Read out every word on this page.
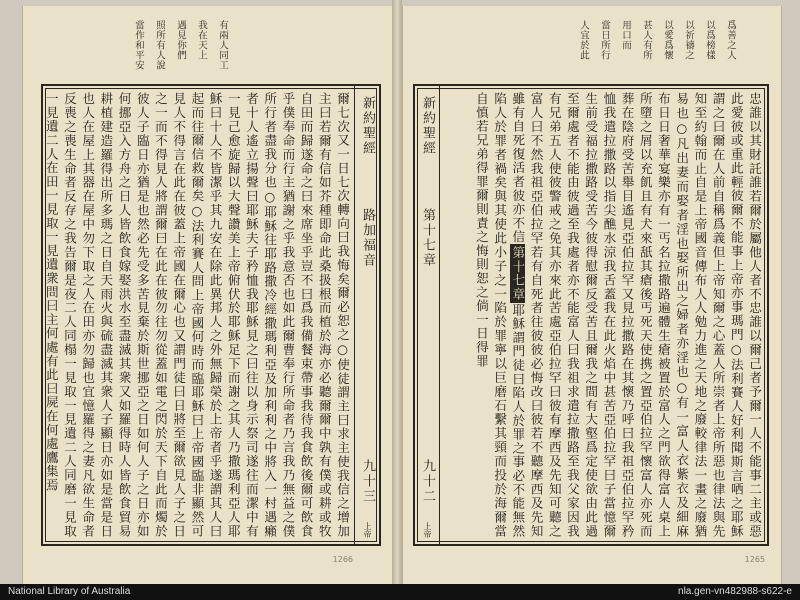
有兩人同工
我在天上
遇見你們
照所有人說
當作和平安
新約聖經
路加福音
九十三
上帝
爾七次又一日七次轉向曰我悔矣爾必恕之○使徒謂主曰求主使我信之增加主曰若爾有信如芥種即命此桑扱根而植於海亦必聽爾爾中孰有僕或耕或牧自田而歸遂命之曰來席坐乎豈不曰爲我備餐束帶事我待我食飲後爾可飲食乎僕奉命而行主猶謝之乎我意否也如此爾曹奉行所命者乃言我乃無益之僕所行者盡我分也○耶穌往耶路撒冷經撒瑪利亞及加利利之中將入一村遇癩者十人遙立揚聲曰耶穌夫子矜恤我耶穌見之曰往以身示祭司遂往而潔中有一見己愈旋歸以大聲讚美上帝俯伏於耶穌足下而謝之其人乃撒瑪利亞人耶穌曰十人不皆潔乎其九安在除此異邦人之外無歸榮於上帝者乎遂謂其人曰起而往爾信救爾矣○法利賽人問上帝國何時而臨耶穌曰上帝國臨非顯然可見人不得言在此在彼蓋上帝國在爾心也又謂門徒曰日將至爾欲見人子之日之一而不得見人將謂爾曰在此在彼勿往勿從蓋如電之閃於天下自此而燭於彼人子臨日亦猶是也然必先受多苦見棄於斯世挪亞之日如何人子之日亦如何挪亞入方舟之日人皆飲食嫁娶洪水至盡滅其衆又如羅得時人皆飲食貿易耕植建造羅得出所多瑪之日自天雨火與硫盡滅其衆人子顯日亦如是當是日也人在屋上其器在屋中勿下取之人在田亦勿歸也宜憶羅得之妻凡欲生命者反喪之喪生命者反存之我告爾是夜二人同榻一見取一見遺二人同磨一見取一見遺二人在田一見取一見遺衆問曰主何處有此曰屍在何處鷹集焉
1266
爲善之人
以爲榜樣
以祈禱之
以愛爲懷
甚人有所
用口而
當日所行
人宜於此
新約聖經
第十七章
九十二
上帝	忠誰以其財託誰若爾於屬他人者不忠誰以爾己者予爾一人不能事二主或惡此愛彼或重此輕彼爾不能事上帝亦事瑪門○法利賽人好利聞斯言哂之耶穌謂之曰爾在人前自稱爲義但上帝知爾之心蓋人所崇者上帝所惡也律法與先知至約翰而止自是上帝國音傳布人人勉力進之天地之廢較律法一畫之廢猶易也○凡出妻而娶者淫也娶所出之婦者亦淫也○有一富人衣紫衣及細麻布日日奢華宴樂亦有一丐名拉撒路遍體生瘡被置於富人之門欲得富人桌上所墮之屑以充飢且有犬來舐其瘡後丐死天使携之置亞伯拉罕懷富人亦死而葬在陰府受苦舉目遙見亞伯拉罕又見拉撒路在其懷乃呼曰我祖亞伯拉罕矜恤我遣拉撒路以指尖醮水涼我舌蓋我在此火焰中甚苦亞伯拉罕曰子當憶爾生前受福拉撒路受苦今彼得慰爾反受苦且爾我之間有大壑爲定使欲由此過至爾處者不能由彼過至我處者亦不能富人曰我祖求遣拉撒路至我父家因我有兄弟五人使彼警戒之免其亦來此苦處亞伯拉罕曰彼有摩西及先知可聽之富人曰不然我祖亞伯拉罕若有自死者往彼彼必悔改曰彼若不聽摩西及先知雖有自死復活者彼亦不信第十七章耶穌謂門徒曰陷人於罪之事必不能無然陷人於罪者禍矣與其使此小子之一陷於罪寧以巨磨石繫其頸而投於海爾當自慎若兄弟得罪爾則責之悔則恕之倘一日得罪
1265
National Library of Australia	nla.gen-vn482988-s622-e
